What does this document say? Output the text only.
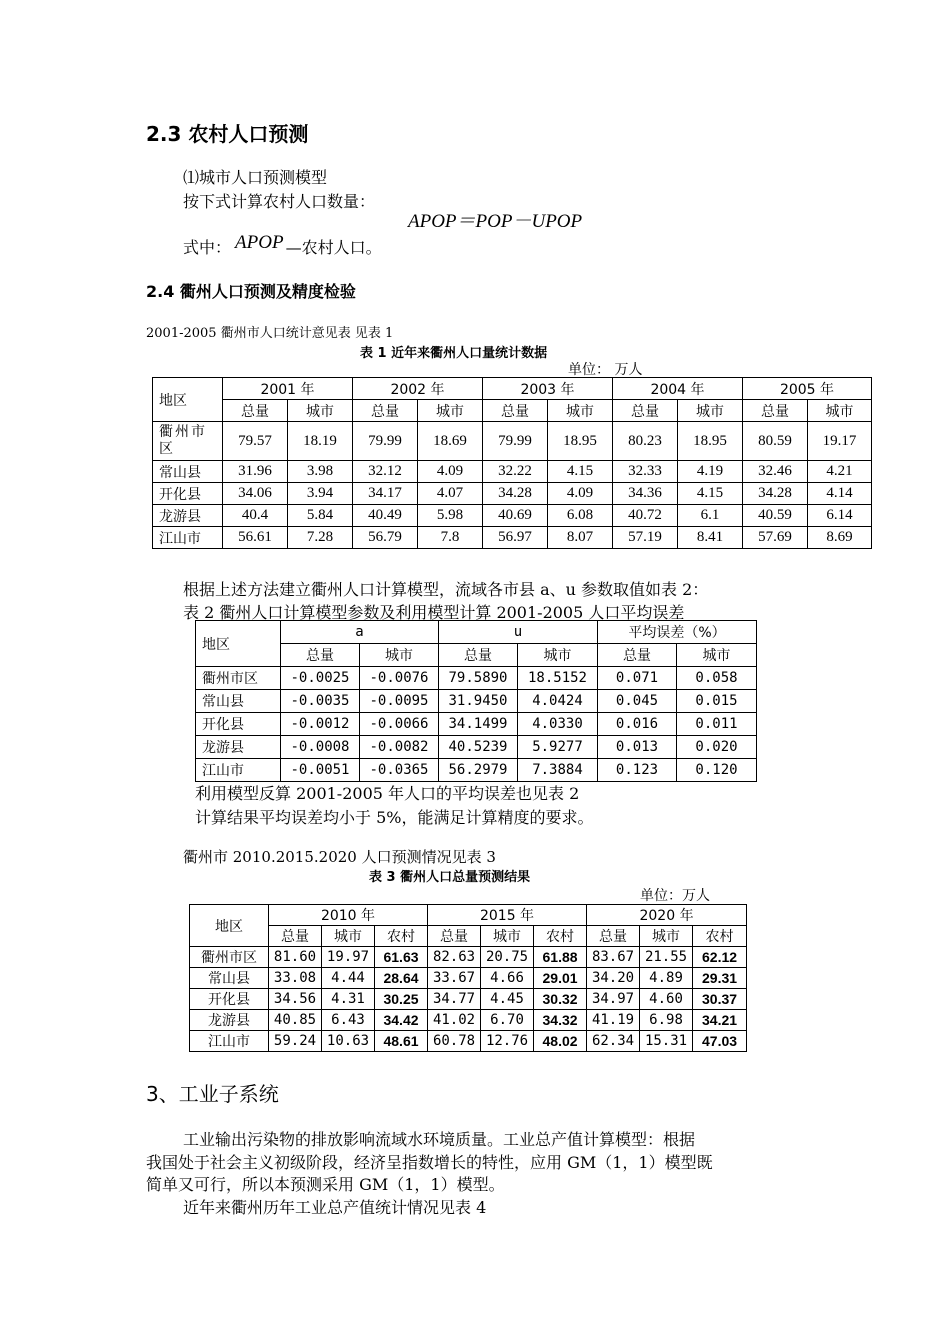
2.3 农村人口预测
⑴城市人口预测模型
按下式计算农村人口数量：
APOP＝POP－UPOP
式中： APOP —农村人口。
2.4 衢州人口预测及精度检验
2001-2005 衢州市人口统计意见表 见表 1
表 1 近年来衢州人口量统计数据
单位： 万人
地区	2001 年		2002 年		2003 年		2004 年		2005 年	
	总量	城市	总量	城市	总量	城市	总量	城市	总量	城市
衢州市区	79.57	18.19	79.99	18.69	79.99	18.95	80.23	18.95	80.59	19.17
常山县	31.96	3.98	32.12	4.09	32.22	4.15	32.33	4.19	32.46	4.21
开化县	34.06	3.94	34.17	4.07	34.28	4.09	34.36	4.15	34.28	4.14
龙游县	40.4	5.84	40.49	5.98	40.69	6.08	40.72	6.1	40.59	6.14
江山市	56.61	7.28	56.79	7.8	56.97	8.07	57.19	8.41	57.69	8.69
根据上述方法建立衢州人口计算模型，流域各市县 a、u 参数取值如表 2：
表 2 衢州人口计算模型参数及利用模型计算 2001-2005 人口平均误差
地区	a		u		平均误差（%）	
	总量	城市	总量	城市	总量	城市
衢州市区	-0.0025	-0.0076	79.5890	18.5152	0.071	0.058
常山县	-0.0035	-0.0095	31.9450	4.0424	0.045	0.015
开化县	-0.0012	-0.0066	34.1499	4.0330	0.016	0.011
龙游县	-0.0008	-0.0082	40.5239	5.9277	0.013	0.020
江山市	-0.0051	-0.0365	56.2979	7.3884	0.123	0.120
利用模型反算 2001-2005 年人口的平均误差也见表 2
计算结果平均误差均小于 5%，能满足计算精度的要求。
衢州市 2010.2015.2020 人口预测情况见表 3
表 3 衢州人口总量预测结果
单位：万人
地区	2010 年			2015 年			2020 年		
	总量	城市	农村	总量	城市	农村	总量	城市	农村
衢州市区	81.60	19.97	61.63	82.63	20.75	61.88	83.67	21.55	62.12
常山县	33.08	4.44	28.64	33.67	4.66	29.01	34.20	4.89	29.31
开化县	34.56	4.31	30.25	34.77	4.45	30.32	34.97	4.60	30.37
龙游县	40.85	6.43	34.42	41.02	6.70	34.32	41.19	6.98	34.21
江山市	59.24	10.63	48.61	60.78	12.76	48.02	62.34	15.31	47.03
3、工业子系统
工业输出污染物的排放影响流域水环境质量。工业总产值计算模型：根据
我国处于社会主义初级阶段，经济呈指数增长的特性，应用 GM（1，1）模型既
简单又可行，所以本预测采用 GM（1，1）模型。
近年来衢州历年工业总产值统计情况见表 4
